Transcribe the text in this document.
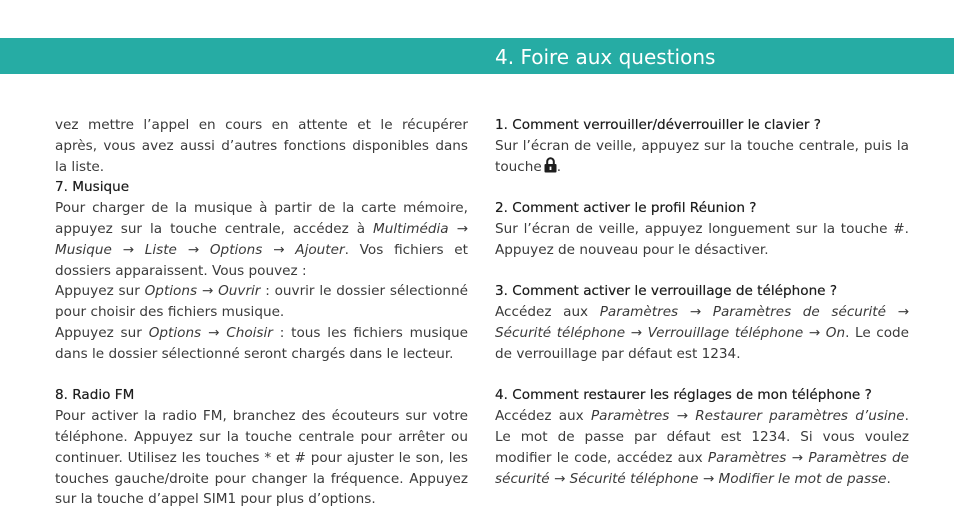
4. Foire aux questions

vez mettre l’appel en cours en attente et le récupérer après, vous avez aussi d’autres fonctions disponibles dans la liste.

7. Musique

Pour charger de la musique à partir de la carte mémoire, appuyez sur la touche centrale, accédez à Multimédia → Musique → Liste → Options → Ajouter. Vos fichiers et dossiers apparaissent. Vous pouvez :

Appuyez sur Options → Ouvrir : ouvrir le dossier sélectionné pour choisir des fichiers musique.

Appuyez sur Options → Choisir : tous les fichiers musique dans le dossier sélectionné seront chargés dans le lecteur.

8. Radio FM

Pour activer la radio FM, branchez des écouteurs sur votre téléphone. Appuyez sur la touche centrale pour arrêter ou continuer. Utilisez les touches * et # pour ajuster le son, les touches gauche/droite pour changer la fréquence. Appuyez sur la touche d’appel SIM1 pour plus d’options.

1. Comment verrouiller/déverrouiller le clavier ?

Sur l’écran de veille, appuyez sur la touche centrale, puis la touche .

2. Comment activer le profil Réunion ?

Sur l’écran de veille, appuyez longuement sur la touche #. Appuyez de nouveau pour le désactiver.

3. Comment activer le verrouillage de téléphone ?

Accédez aux Paramètres → Paramètres de sécurité → Sécurité téléphone → Verrouillage téléphone → On. Le code de verrouillage par défaut est 1234.

4. Comment restaurer les réglages de mon téléphone ?

Accédez aux Paramètres → Restaurer paramètres d’usine. Le mot de passe par défaut est 1234. Si vous voulez modifier le code, accédez aux Paramètres → Paramètres de sécurité → Sécurité téléphone → Modifier le mot de passe.
